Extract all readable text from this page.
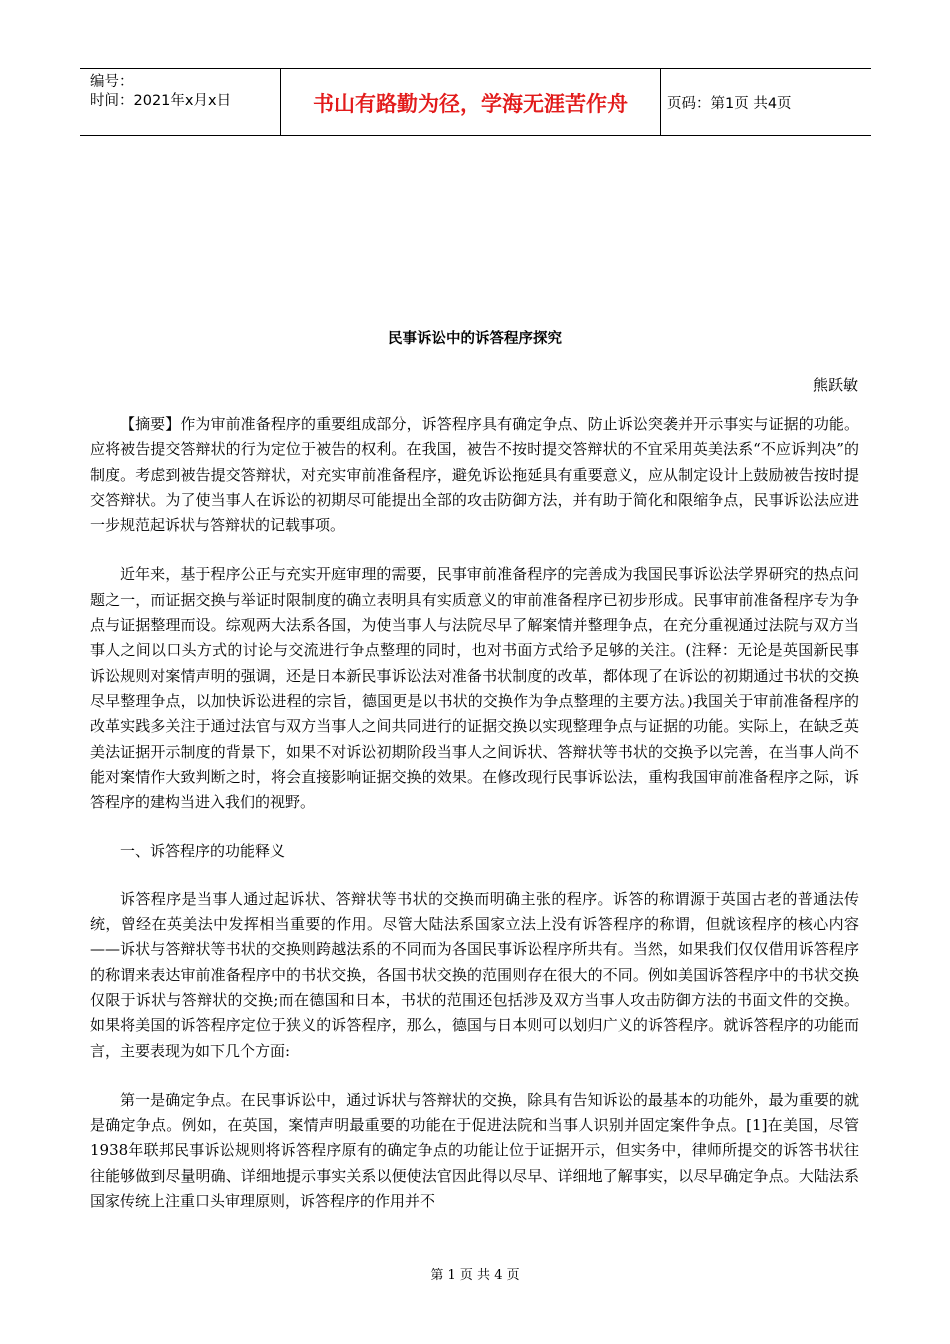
编号：
时间：2021年x月x日	书山有路勤为径，学海无涯苦作舟	页码：第1页 共4页
民事诉讼中的诉答程序探究
熊跃敏

【摘要】作为审前准备程序的重要组成部分，诉答程序具有确定争点、防止诉讼突袭并开示事实与证据的功能。应将被告提交答辩状的行为定位于被告的权利。在我国，被告不按时提交答辩状的不宜采用英美法系“不应诉判决”的制度。考虑到被告提交答辩状，对充实审前准备程序，避免诉讼拖延具有重要意义，应从制定设计上鼓励被告按时提交答辩状。为了使当事人在诉讼的初期尽可能提出全部的攻击防御方法，并有助于简化和限缩争点，民事诉讼法应进一步规范起诉状与答辩状的记载事项。

近年来，基于程序公正与充实开庭审理的需要，民事审前准备程序的完善成为我国民事诉讼法学界研究的热点问题之一，而证据交换与举证时限制度的确立表明具有实质意义的审前准备程序已初步形成。民事审前准备程序专为争点与证据整理而设。综观两大法系各国，为使当事人与法院尽早了解案情并整理争点，在充分重视通过法院与双方当事人之间以口头方式的讨论与交流进行争点整理的同时，也对书面方式给予足够的关注。(注释：无论是英国新民事诉讼规则对案情声明的强调，还是日本新民事诉讼法对准备书状制度的改革，都体现了在诉讼的初期通过书状的交换尽早整理争点，以加快诉讼进程的宗旨，德国更是以书状的交换作为争点整理的主要方法。)我国关于审前准备程序的改革实践多关注于通过法官与双方当事人之间共同进行的证据交换以实现整理争点与证据的功能。实际上，在缺乏英美法证据开示制度的背景下，如果不对诉讼初期阶段当事人之间诉状、答辩状等书状的交换予以完善，在当事人尚不能对案情作大致判断之时，将会直接影响证据交换的效果。在修改现行民事诉讼法，重构我国审前准备程序之际，诉答程序的建构当进入我们的视野。

一、诉答程序的功能释义

诉答程序是当事人通过起诉状、答辩状等书状的交换而明确主张的程序。诉答的称谓源于英国古老的普通法传统，曾经在英美法中发挥相当重要的作用。尽管大陆法系国家立法上没有诉答程序的称谓，但就该程序的核心内容——诉状与答辩状等书状的交换则跨越法系的不同而为各国民事诉讼程序所共有。当然，如果我们仅仅借用诉答程序的称谓来表达审前准备程序中的书状交换，各国书状交换的范围则存在很大的不同。例如美国诉答程序中的书状交换仅限于诉状与答辩状的交换;而在德国和日本，书状的范围还包括涉及双方当事人攻击防御方法的书面文件的交换。如果将美国的诉答程序定位于狭义的诉答程序，那么，德国与日本则可以划归广义的诉答程序。就诉答程序的功能而言，主要表现为如下几个方面:

第一是确定争点。在民事诉讼中，通过诉状与答辩状的交换，除具有告知诉讼的最基本的功能外，最为重要的就是确定争点。例如，在英国，案情声明最重要的功能在于促进法院和当事人识别并固定案件争点。[1]在美国，尽管1938年联邦民事诉讼规则将诉答程序原有的确定争点的功能让位于证据开示，但实务中，律师所提交的诉答书状往往能够做到尽量明确、详细地提示事实关系以便使法官因此得以尽早、详细地了解事实，以尽早确定争点。大陆法系国家传统上注重口头审理原则，诉答程序的作用并不

第 1 页 共 4 页
